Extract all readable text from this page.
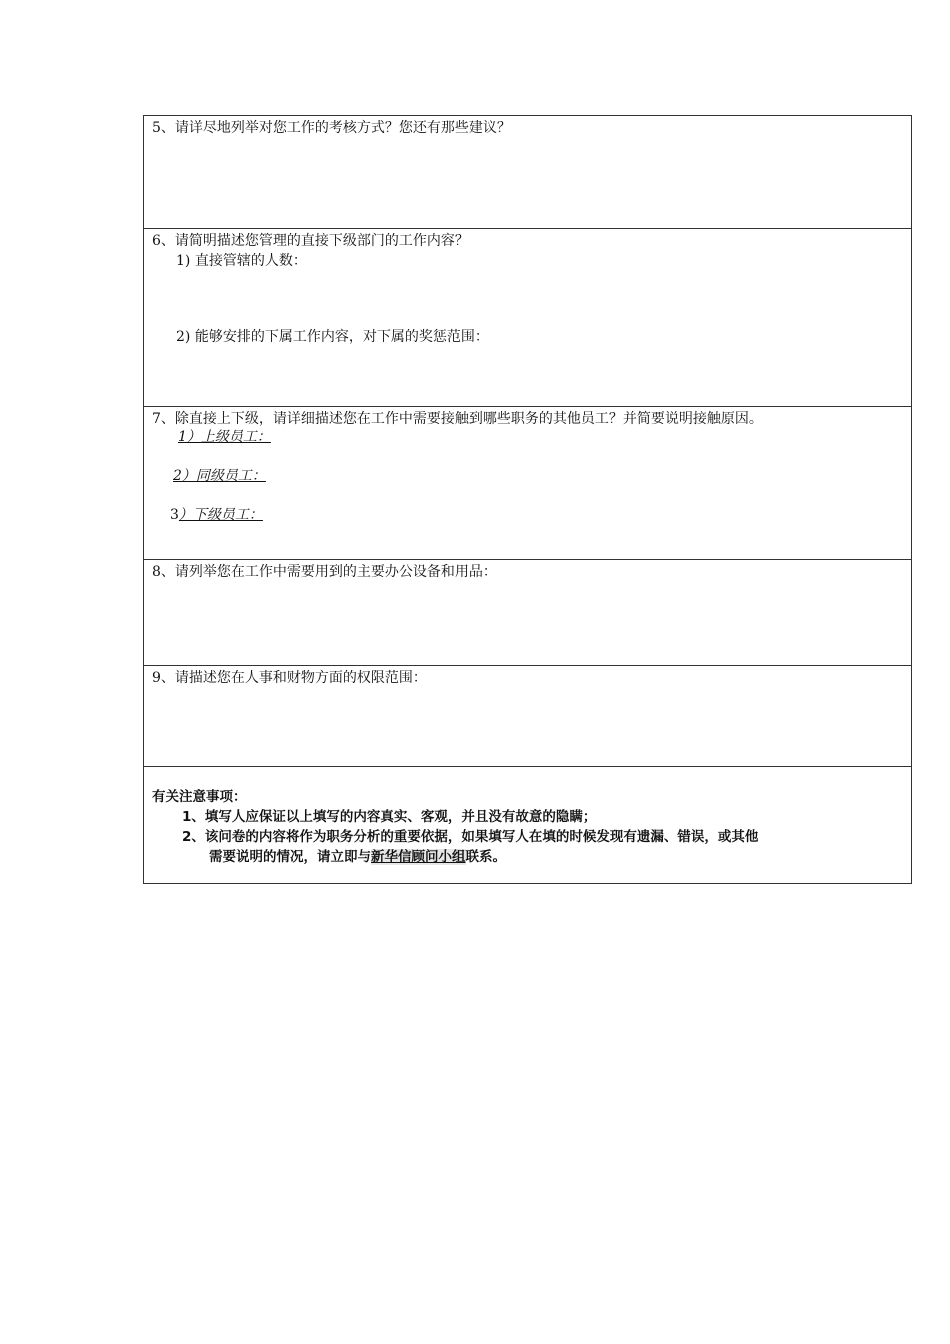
5、请详尽地列举对您工作的考核方式？您还有那些建议？

6、请简明描述您管理的直接下级部门的工作内容？
1) 直接管辖的人数：
2) 能够安排的下属工作内容，对下属的奖惩范围：

7、除直接上下级，请详细描述您在工作中需要接触到哪些职务的其他员工？并简要说明接触原因。
1）上级员工：
2）同级员工：
3）下级员工：

8、请列举您在工作中需要用到的主要办公设备和用品：

9、请描述您在人事和财物方面的权限范围：

有关注意事项：
1、填写人应保证以上填写的内容真实、客观，并且没有故意的隐瞒；
2、该问卷的内容将作为职务分析的重要依据，如果填写人在填的时候发现有遗漏、错误，或其他
需要说明的情况，请立即与新华信顾问小组联系。
